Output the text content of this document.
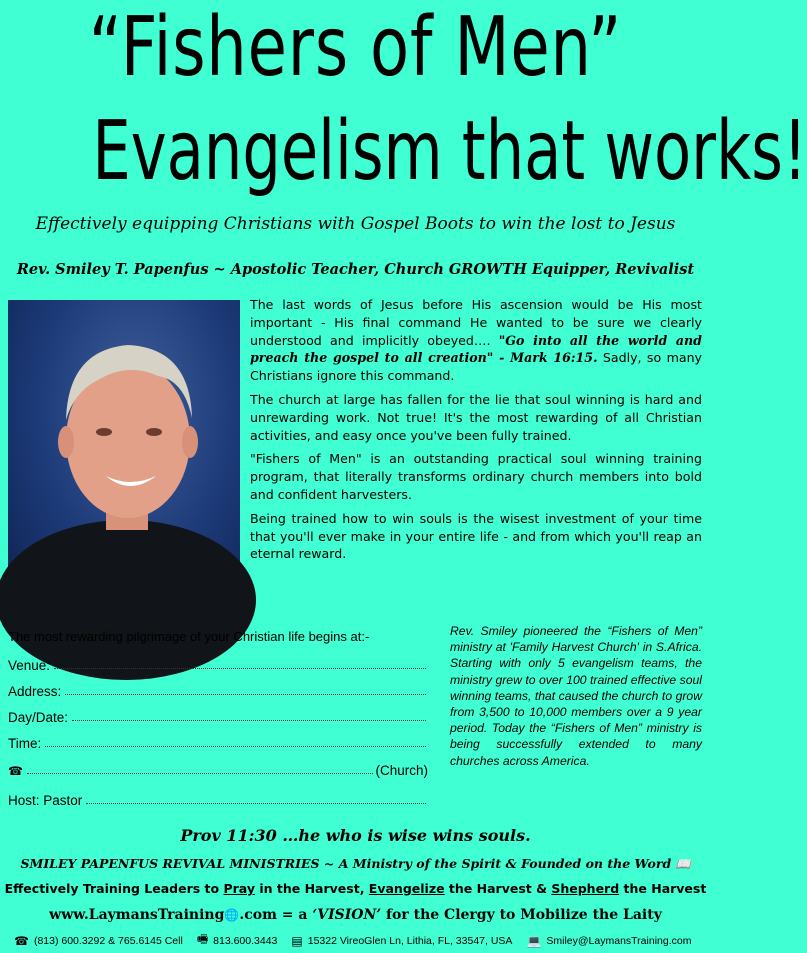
“Fishers of Men”
Evangelism that works!
Effectively equipping Christians with Gospel Boots to win the lost to Jesus
Rev. Smiley T. Papenfus ~ Apostolic Teacher, Church GROWTH Equipper, Revivalist

The last words of Jesus before His ascension would be His most important - His final command He wanted to be sure we clearly understood and implicitly obeyed…. "Go into all the world and preach the gospel to all creation" - Mark 16:15. Sadly, so many Christians ignore this command.

The church at large has fallen for the lie that soul winning is hard and unrewarding work. Not true! It's the most rewarding of all Christian activities, and easy once you've been fully trained.

"Fishers of Men" is an outstanding practical soul winning training program, that literally transforms ordinary church members into bold and confident harvesters.

Being trained how to win souls is the wisest investment of your time that you'll ever make in your entire life - and from which you'll reap an eternal reward.

The most rewarding pilgrimage of your Christian life begins at:-
Venue:
Address:
Day/Date:
Time:
☎	(Church)
Host: Pastor
Rev. Smiley pioneered the “Fishers of Men” ministry at 'Family Harvest Church' in S.Africa. Starting with only 5 evangelism teams, the ministry grew to over 100 trained effective soul winning teams, that caused the church to grow from 3,500 to 10,000 members over a 9 year period. Today the “Fishers of Men” ministry is being successfully extended to many churches across America.
Prov 11:30 …he who is wise wins souls.
SMILEY PAPENFUS REVIVAL MINISTRIES ~ A Ministry of the Spirit & Founded on the Word 📖
Effectively Training Leaders to Pray in the Harvest, Evangelize the Harvest & Shepherd the Harvest
www.LaymansTraining🌐.com = a ‘VISION’ for the Clergy to Mobilize the Laity
☎ (813) 600.3292 & 765.6145 Cell 🖷 813.600.3443 ▤ 15322 VireoGlen Ln, Lithia, FL, 33547, USA 💻 Smiley@LaymansTraining.com
